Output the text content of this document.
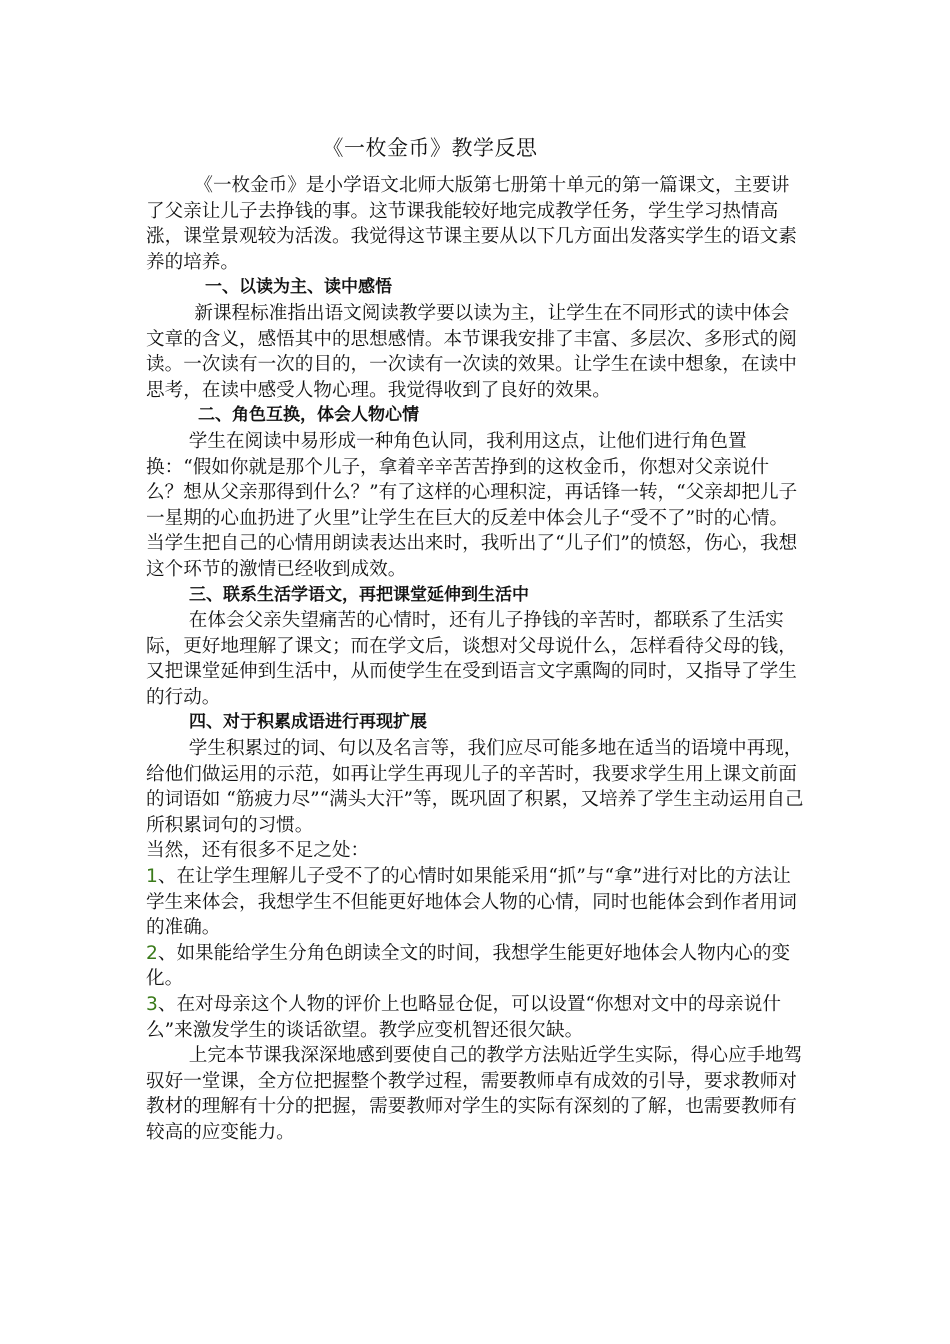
《一枚金币》教学反思

《一枚金币》是小学语文北师大版第七册第十单元的第一篇课文，主要讲了父亲让儿子去挣钱的事。这节课我能较好地完成教学任务，学生学习热情高涨，课堂景观较为活泼。我觉得这节课主要从以下几方面出发落实学生的语文素养的培养。

一、以读为主、读中感悟

新课程标准指出语文阅读教学要以读为主，让学生在不同形式的读中体会文章的含义，感悟其中的思想感情。本节课我安排了丰富、多层次、多形式的阅读。一次读有一次的目的，一次读有一次读的效果。让学生在读中想象，在读中思考，在读中感受人物心理。我觉得收到了良好的效果。

二、角色互换，体会人物心情

学生在阅读中易形成一种角色认同，我利用这点，让他们进行角色置换：“假如你就是那个儿子，拿着辛辛苦苦挣到的这枚金币，你想对父亲说什么？想从父亲那得到什么？”有了这样的心理积淀，再话锋一转，“父亲却把儿子一星期的心血扔进了火里”让学生在巨大的反差中体会儿子“受不了”时的心情。当学生把自己的心情用朗读表达出来时，我听出了“儿子们”的愤怒，伤心，我想这个环节的激情已经收到成效。

三、联系生活学语文，再把课堂延伸到生活中

在体会父亲失望痛苦的心情时，还有儿子挣钱的辛苦时，都联系了生活实际，更好地理解了课文；而在学文后，谈想对父母说什么，怎样看待父母的钱，又把课堂延伸到生活中，从而使学生在受到语言文字熏陶的同时，又指导了学生的行动。

四、对于积累成语进行再现扩展

学生积累过的词、句以及名言等，我们应尽可能多地在适当的语境中再现，给他们做运用的示范，如再让学生再现儿子的辛苦时，我要求学生用上课文前面的词语如 “筋疲力尽”“满头大汗”等，既巩固了积累，又培养了学生主动运用自己所积累词句的习惯。

当然，还有很多不足之处：

1、在让学生理解儿子受不了的心情时如果能采用“抓”与“拿”进行对比的方法让学生来体会，我想学生不但能更好地体会人物的心情，同时也能体会到作者用词的准确。

2、如果能给学生分角色朗读全文的时间，我想学生能更好地体会人物内心的变化。

3、在对母亲这个人物的评价上也略显仓促，可以设置“你想对文中的母亲说什么”来激发学生的谈话欲望。教学应变机智还很欠缺。

上完本节课我深深地感到要使自己的教学方法贴近学生实际，得心应手地驾驭好一堂课，全方位把握整个教学过程，需要教师卓有成效的引导，要求教师对教材的理解有十分的把握，需要教师对学生的实际有深刻的了解，也需要教师有较高的应变能力。
